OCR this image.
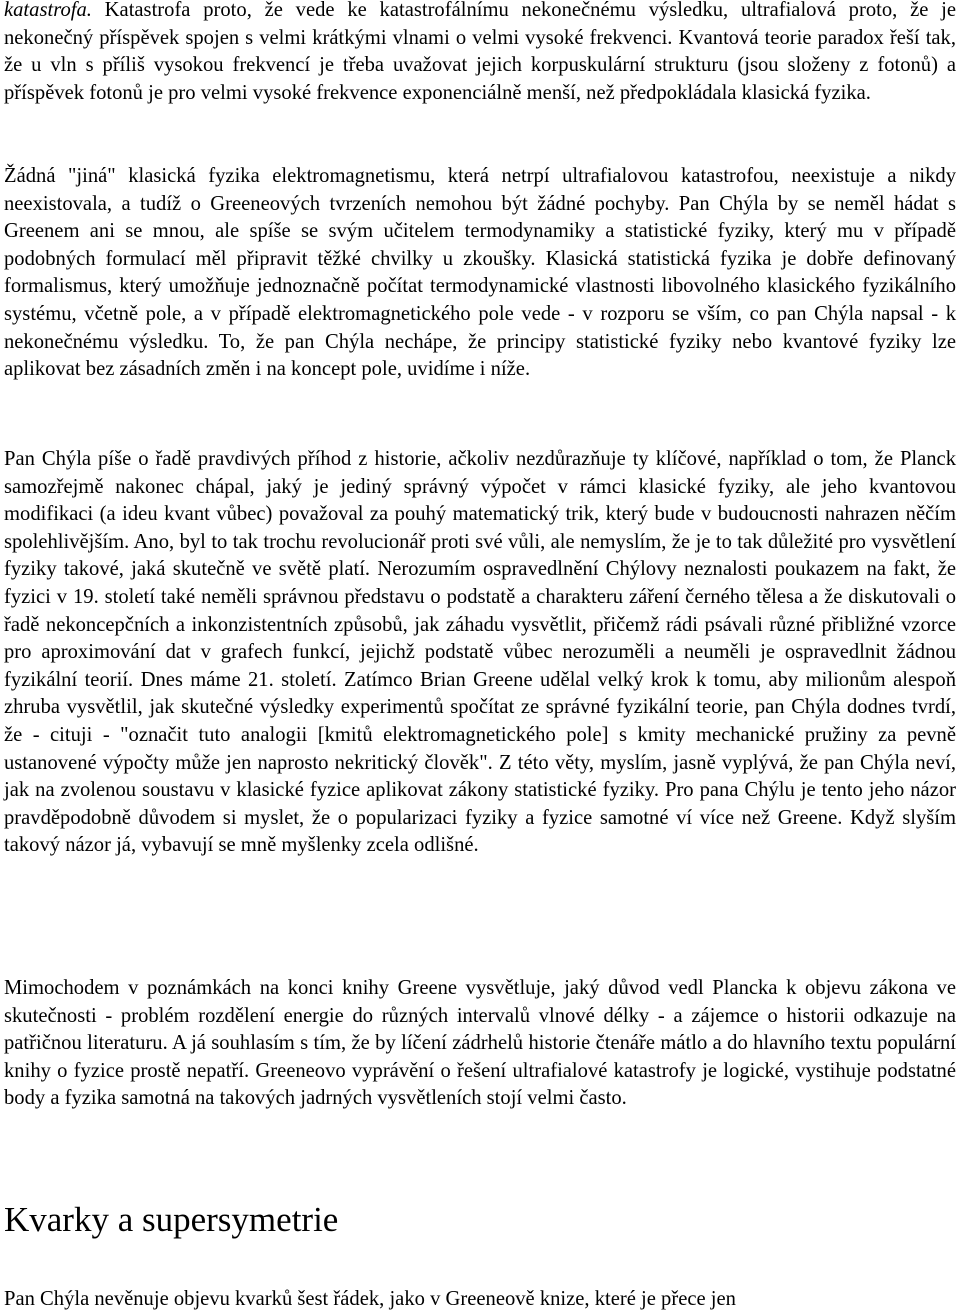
katastrofa. Katastrofa proto, že vede ke katastrofálnímu nekonečnému výsledku, ultrafialová proto, že je nekonečný příspěvek spojen s velmi krátkými vlnami o velmi vysoké frekvenci. Kvantová teorie paradox řeší tak, že u vln s příliš vysokou frekvencí je třeba uvažovat jejich korpuskulární strukturu (jsou složeny z fotonů) a příspěvek fotonů je pro velmi vysoké frekvence exponenciálně menší, než předpokládala klasická fyzika.

Žádná "jiná" klasická fyzika elektromagnetismu, která netrpí ultrafialovou katastrofou, neexistuje a nikdy neexistovala, a tudíž o Greeneových tvrzeních nemohou být žádné pochyby. Pan Chýla by se neměl hádat s Greenem ani se mnou, ale spíše se svým učitelem termodynamiky a statistické fyziky, který mu v případě podobných formulací měl připravit těžké chvilky u zkoušky. Klasická statistická fyzika je dobře definovaný formalismus, který umožňuje jednoznačně počítat termodynamické vlastnosti libovolného klasického fyzikálního systému, včetně pole, a v případě elektromagnetického pole vede - v rozporu se vším, co pan Chýla napsal - k nekonečnému výsledku. To, že pan Chýla nechápe, že principy statistické fyziky nebo kvantové fyziky lze aplikovat bez zásadních změn i na koncept pole, uvidíme i níže.

Pan Chýla píše o řadě pravdivých příhod z historie, ačkoliv nezdůrazňuje ty klíčové, například o tom, že Planck samozřejmě nakonec chápal, jaký je jediný správný výpočet v rámci klasické fyziky, ale jeho kvantovou modifikaci (a ideu kvant vůbec) považoval za pouhý matematický trik, který bude v budoucnosti nahrazen něčím spolehlivějším. Ano, byl to tak trochu revolucionář proti své vůli, ale nemyslím, že je to tak důležité pro vysvětlení fyziky takové, jaká skutečně ve světě platí. Nerozumím ospravedlnění Chýlovy neznalosti poukazem na fakt, že fyzici v 19. století také neměli správnou představu o podstatě a charakteru záření černého tělesa a že diskutovali o řadě nekoncepčních a inkonzistentních způsobů, jak záhadu vysvětlit, přičemž rádi psávali různé přibližné vzorce pro aproximování dat v grafech funkcí, jejichž podstatě vůbec nerozuměli a neuměli je ospravedlnit žádnou fyzikální teorií. Dnes máme 21. století. Zatímco Brian Greene udělal velký krok k tomu, aby milionům alespoň zhruba vysvětlil, jak skutečné výsledky experimentů spočítat ze správné fyzikální teorie, pan Chýla dodnes tvrdí, že - cituji - "označit tuto analogii [kmitů elektromagnetického pole] s kmity mechanické pružiny za pevně ustanovené výpočty může jen naprosto nekritický člověk". Z této věty, myslím, jasně vyplývá, že pan Chýla neví, jak na zvolenou soustavu v klasické fyzice aplikovat zákony statistické fyziky. Pro pana Chýlu je tento jeho názor pravděpodobně důvodem si myslet, že o popularizaci fyziky a fyzice samotné ví více než Greene. Když slyším takový názor já, vybavují se mně myšlenky zcela odlišné.

Mimochodem v poznámkách na konci knihy Greene vysvětluje, jaký důvod vedl Plancka k objevu zákona ve skutečnosti - problém rozdělení energie do různých intervalů vlnové délky - a zájemce o historii odkazuje na patřičnou literaturu. A já souhlasím s tím, že by líčení zádrhelů historie čtenáře mátlo a do hlavního textu populární knihy o fyzice prostě nepatří. Greeneovo vyprávění o řešení ultrafialové katastrofy je logické, vystihuje podstatné body a fyzika samotná na takových jadrných vysvětleních stojí velmi často.

Kvarky a supersymetrie

Pan Chýla nevěnuje objevu kvarků šest řádek, jako v Greeneově knize, které je přece jen
